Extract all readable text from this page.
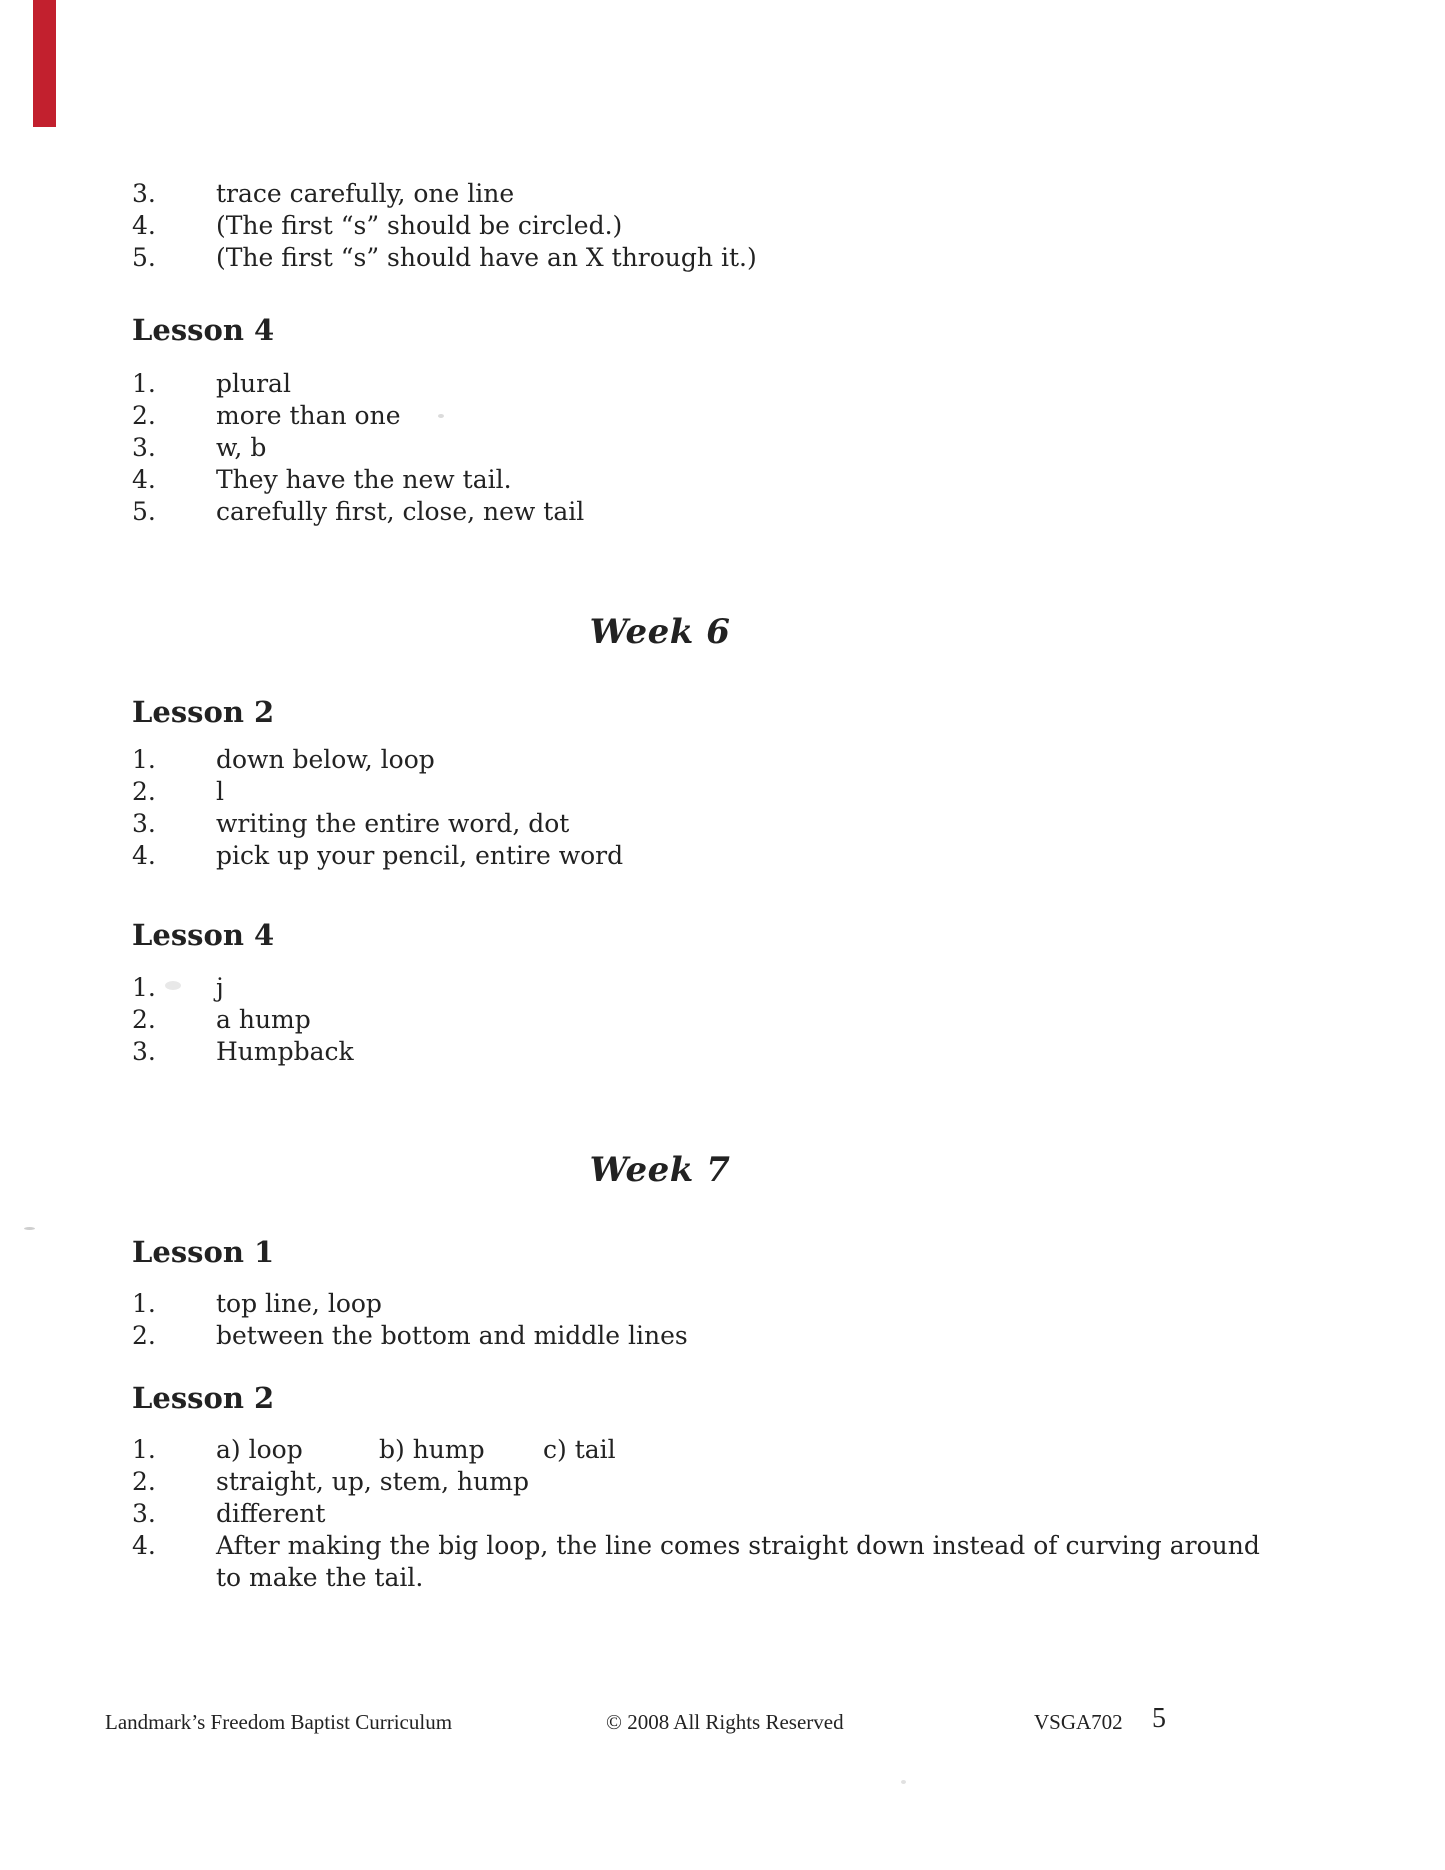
3. trace carefully, one line
4. (The first “s” should be circled.)
5. (The first “s” should have an X through it.)
Lesson 4
1. plural
2. more than one
3. w, b
4. They have the new tail.
5. carefully first, close, new tail
Week 6
Lesson 2
1. down below, loop
2. l
3. writing the entire word, dot
4. pick up your pencil, entire word
Lesson 4
1. j
2. a hump
3. Humpback
Week 7
Lesson 1
1. top line, loop
2. between the bottom and middle lines
Lesson 2
1. a) loop	b) hump c) tail
2. straight, up, stem, hump
3. different
4. After making the big loop, the line comes straight down instead of curving around
to make the tail.
Landmark’s Freedom Baptist Curriculum	© 2008 All Rights Reserved	VSGA702 5
